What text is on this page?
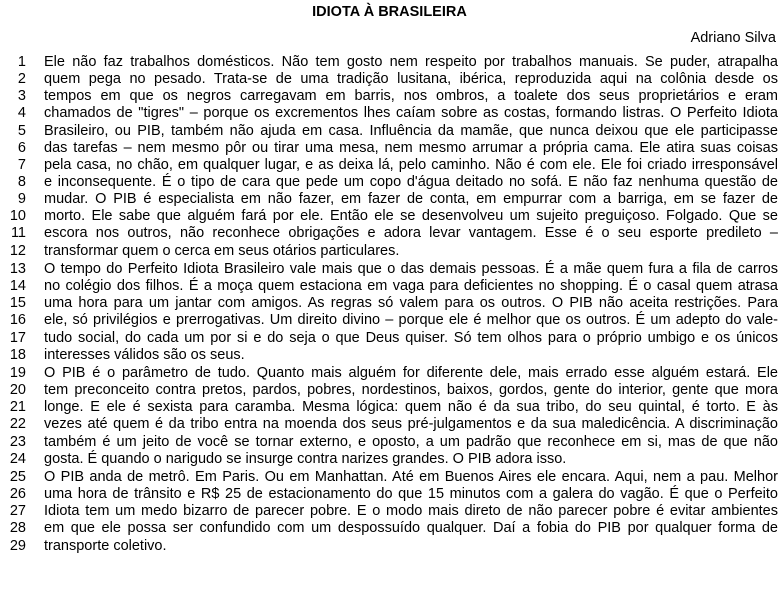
IDIOTA À BRASILEIRA
Adriano Silva
1
2
3
4
5
6
7
8
9
10
11
12
Ele não faz trabalhos domésticos. Não tem gosto nem respeito por trabalhos manuais. Se puder, atrapalha
quem pega no pesado. Trata-se de uma tradição lusitana, ibérica, reproduzida aqui na colônia desde os
tempos em que os negros carregavam em barris, nos ombros, a toalete dos seus proprietários e eram
chamados de "tigres" – porque os excrementos lhes caíam sobre as costas, formando listras. O Perfeito Idiota
Brasileiro, ou PIB, também não ajuda em casa. Influência da mamãe, que nunca deixou que ele participasse
das tarefas – nem mesmo pôr ou tirar uma mesa, nem mesmo arrumar a própria cama. Ele atira suas coisas
pela casa, no chão, em qualquer lugar, e as deixa lá, pelo caminho. Não é com ele. Ele foi criado irresponsável
e inconsequente. É o tipo de cara que pede um copo d'água deitado no sofá. E não faz nenhuma questão de
mudar. O PIB é especialista em não fazer, em fazer de conta, em empurrar com a barriga, em se fazer de
morto. Ele sabe que alguém fará por ele. Então ele se desenvolveu um sujeito preguiçoso. Folgado. Que se
escora nos outros, não reconhece obrigações e adora levar vantagem. Esse é o seu esporte predileto –
transformar quem o cerca em seus otários particulares.
13
14
15
16
17
18
O tempo do Perfeito Idiota Brasileiro vale mais que o das demais pessoas. É a mãe quem fura a fila de carros
no colégio dos filhos. É a moça quem estaciona em vaga para deficientes no shopping. É o casal quem atrasa
uma hora para um jantar com amigos. As regras só valem para os outros. O PIB não aceita restrições. Para
ele, só privilégios e prerrogativas. Um direito divino – porque ele é melhor que os outros. É um adepto do vale-
tudo social, do cada um por si e do seja o que Deus quiser. Só tem olhos para o próprio umbigo e os únicos
interesses válidos são os seus.
19
20
21
22
23
24
O PIB é o parâmetro de tudo. Quanto mais alguém for diferente dele, mais errado esse alguém estará. Ele
tem preconceito contra pretos, pardos, pobres, nordestinos, baixos, gordos, gente do interior, gente que mora
longe. E ele é sexista para caramba. Mesma lógica: quem não é da sua tribo, do seu quintal, é torto. E às
vezes até quem é da tribo entra na moenda dos seus pré-julgamentos e da sua maledicência. A discriminação
também é um jeito de você se tornar externo, e oposto, a um padrão que reconhece em si, mas de que não
gosta. É quando o narigudo se insurge contra narizes grandes. O PIB adora isso.
25
26
27
28
29
O PIB anda de metrô. Em Paris. Ou em Manhattan. Até em Buenos Aires ele encara. Aqui, nem a pau. Melhor
uma hora de trânsito e R$ 25 de estacionamento do que 15 minutos com a galera do vagão. É que o Perfeito
Idiota tem um medo bizarro de parecer pobre. E o modo mais direto de não parecer pobre é evitar ambientes
em que ele possa ser confundido com um despossuído qualquer. Daí a fobia do PIB por qualquer forma de
transporte coletivo.
